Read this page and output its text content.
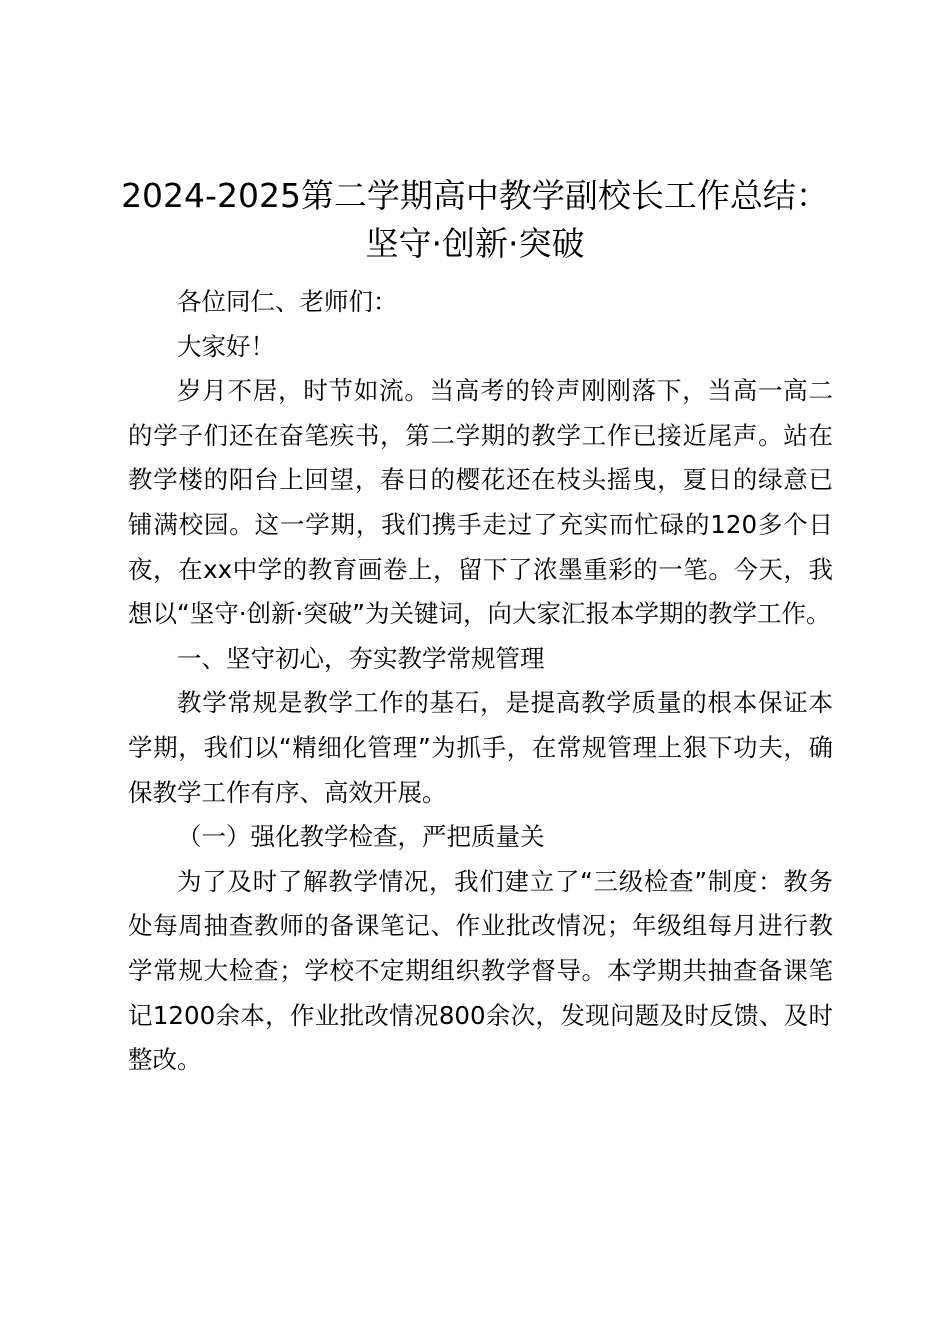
2024-2025第二学期高中教学副校长工作总结：坚守·创新·突破

各位同仁、老师们：

大家好！

岁月不居，时节如流。当高考的铃声刚刚落下，当高一高二的学子们还在奋笔疾书，第二学期的教学工作已接近尾声。站在教学楼的阳台上回望，春日的樱花还在枝头摇曳，夏日的绿意已铺满校园。这一学期，我们携手走过了充实而忙碌的120多个日夜，在xx中学的教育画卷上，留下了浓墨重彩的一笔。今天，我想以“坚守·创新·突破”为关键词，向大家汇报本学期的教学工作。

一、坚守初心，夯实教学常规管理

教学常规是教学工作的基石，是提高教学质量的根本保证本学期，我们以“精细化管理”为抓手，在常规管理上狠下功夫，确保教学工作有序、高效开展。

（一）强化教学检查，严把质量关

为了及时了解教学情况，我们建立了“三级检查”制度：教务处每周抽查教师的备课笔记、作业批改情况；年级组每月进行教学常规大检查；学校不定期组织教学督导。本学期共抽查备课笔记1200余本，作业批改情况800余次，发现问题及时反馈、及时整改。
